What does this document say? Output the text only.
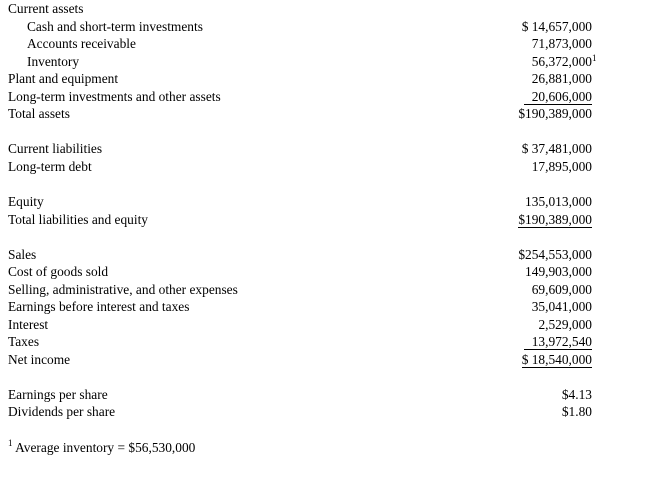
Current assets
Cash and short-term investments	$ 14,657,000
Accounts receivable	71,873,000
Inventory	56,372,000 $^1$
Plant and equipment	26,881,000
Long-term investments and other assets	20,606,000
Total assets	$190,389,000
Current liabilities	$ 37,481,000
Long-term debt	17,895,000
Equity	135,013,000
Total liabilities and equity	$190,389,000
Sales	$254,553,000
Cost of goods sold	149,903,000
Selling, administrative, and other expenses	69,609,000
Earnings before interest and taxes	35,041,000
Interest	2,529,000
Taxes	13,972,540
Net income	$ 18,540,000
Earnings per share	$4.13
Dividends per share	$1.80
$^1$ Average inventory = $56,530,000
